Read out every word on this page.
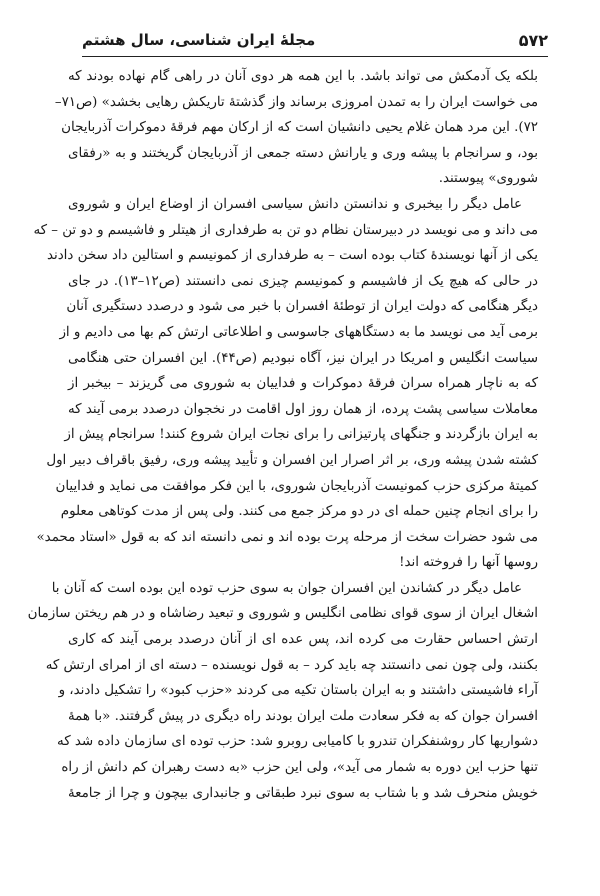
۵۷۲
مجلهٔ ایران شناسی، سال هشتم
بلکه یک آدمکش می تواند باشد. با این همه هر دوی آنان در راهی گام نهاده بودند که
می خواست ایران را به تمدن امروزی برساند واز گذشتهٔ تاریکش رهایی بخشد» (ص۷۱–
۷۲). این مرد همان غلام یحیی دانشیان است که از ارکان مهم فرقهٔ دموکرات آذربایجان
بود، و سرانجام با پیشه وری و یارانش دسته جمعی از آذربایجان گریختند و به «رفقای
شوروی» پیوستند.
عامل دیگر را بیخبری و ندانستن دانش سیاسی افسران از اوضاع ایران و شوروی
می داند و می نویسد در دبیرستان نظام دو تن به طرفداری از هیتلر و فاشیسم و دو تن – که
یکی از آنها نویسندهٔ کتاب بوده است – به طرفداری از کمونیسم و استالین داد سخن دادند
در حالی که هیچ یک از فاشیسم و کمونیسم چیزی نمی دانستند (ص۱۲–۱۳). در جای
دیگر هنگامی که دولت ایران از توطئهٔ افسران با خبر می شود و درصدد دستگیری آنان
برمی آید می نویسد ما به دستگاههای جاسوسی و اطلاعاتی ارتش کم بها می دادیم و از
سیاست انگلیس و امریکا در ایران نیز، آگاه نبودیم (ص۴۴). این افسران حتی هنگامی
که به ناچار همراه سران فرقهٔ دموکرات و فداییان به شوروی می گریزند – بیخبر از
معاملات سیاسی پشت پرده، از همان روز اول اقامت در نخجوان درصدد برمی آیند که
به ایران بازگردند و جنگهای پارتیزانی را برای نجات ایران شروع کنند! سرانجام پیش از
کشته شدن پیشه وری، بر اثر اصرار این افسران و تأیید پیشه وری، رفیق باقراف دبیر اول
کمیتهٔ مرکزی حزب کمونیست آذربایجان شوروی، با این فکر موافقت می نماید و فداییان
را برای انجام چنین حمله ای در دو مرکز جمع می کنند. ولی پس از مدت کوتاهی معلوم
می شود حضرات سخت از مرحله پرت بوده اند و نمی دانسته اند که به قول «استاد محمد»
روسها آنها را فروخته اند!
عامل دیگر در کشاندن این افسران جوان به سوی حزب توده این بوده است که آنان با
اشغال ایران از سوی قوای نظامی انگلیس و شوروی و تبعید رضاشاه و در هم ریختن سازمان
ارتش احساس حقارت می کرده اند، پس عده ای از آنان درصدد برمی آیند که کاری
بکنند، ولی چون نمی دانستند چه باید کرد – به قول نویسنده – دسته ای از امرای ارتش که
آراء فاشیستی داشتند و به ایران باستان تکیه می کردند «حزب کبود» را تشکیل دادند، و
افسران جوان که به فکر سعادت ملت ایران بودند راه دیگری در پیش گرفتند. «با همهٔ
دشواریها کار روشنفکران تندرو با کامیابی روبرو شد: حزب توده ای سازمان داده شد که
تنها حزب این دوره به شمار می آید»، ولی این حزب «به دست رهبران کم دانش از راه
خویش منحرف شد و با شتاب به سوی نبرد طبقاتی و جانبداری بیچون و چرا از جامعهٔ
